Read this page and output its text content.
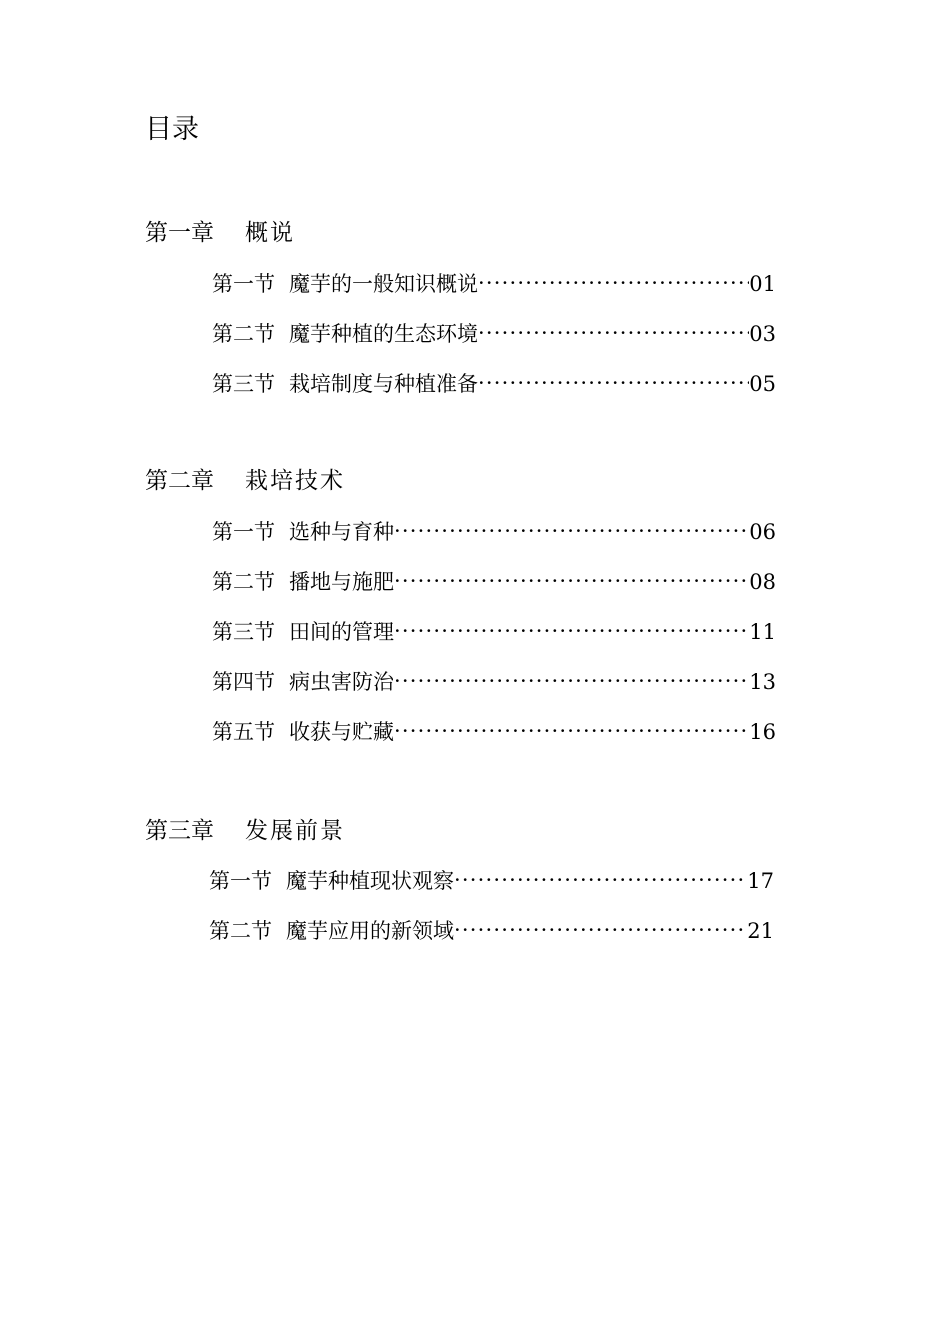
目录
第一章 概说
第一节 魔芋的一般知识概说 ·····	01
第二节 魔芋种植的生态环境 ·····	03
第三节 栽培制度与种植准备 ·····	05
第二章 栽培技术
第一节 选种与育种 ·····	06
第二节 播地与施肥 ·····	08
第三节 田间的管理 ·····	11
第四节 病虫害防治 ·····	13
第五节 收获与贮藏 ·····	16
第三章 发展前景
第一节 魔芋种植现状观察 ·····	17
第二节 魔芋应用的新领域 ·····	21
